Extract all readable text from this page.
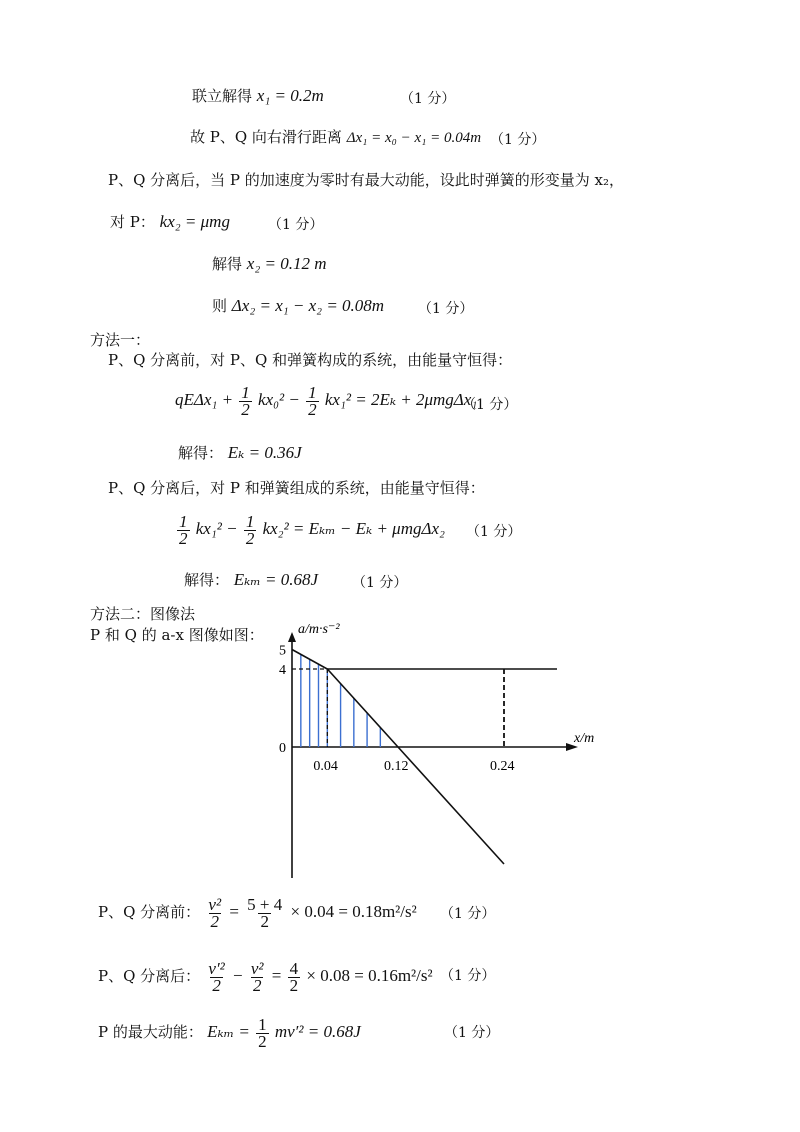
联立解得 x₁ = 0.2m	（1 分）
故 P、Q 向右滑行距离 Δx₁ = x₀ − x₁ = 0.04m （1 分）
P、Q 分离后，当 P 的加速度为零时有最大动能，设此时弹簧的形变量为 x₂，
对 P： kx₂ = μmg	（1 分）
解得 x₂ = 0.12 m
则 Δx₂ = x₁ − x₂ = 0.08m （1 分）
方法一：
P、Q 分离前，对 P、Q 和弹簧构成的系统，由能量守恒得：
$qE\Delta x_1 + \frac{1}{2} kx_0^2 - \frac{1}{2} kx_1^2 = 2E_k + 2\mu mg\Delta x_1$
（1 分）
解得： Eₖ = 0.36J
P、Q 分离后，对 P 和弹簧组成的系统，由能量守恒得：
$\frac{1}{2} kx_1^2 - \frac{1}{2} kx_2^2 = E_{km} - E_k + \mu mg\Delta x_2$ （1 分）
解得： Eₖₘ = 0.68J （1 分）
方法二：图像法
P 和 Q 的 a-x 图像如图： a/m·s⁻²
x/m
5
4
0
0.04	0.12	0.24
P、Q 分离前： $\frac{\text{v²}}{2} = \frac{5 + 4}{2} \times 0.04 = 0.18m^2/s^2$ （1 分）
P、Q 分离后： $\frac{\text{v′²}}{2} - \frac{\text{v²}}{2} = \frac{4}{2} \times 0.08 = 0.16m^2/s^2$ （1 分）
P 的最大动能： $E_{km} = \frac{1}{2} mv'^2 = 0.68J$	（1 分）
